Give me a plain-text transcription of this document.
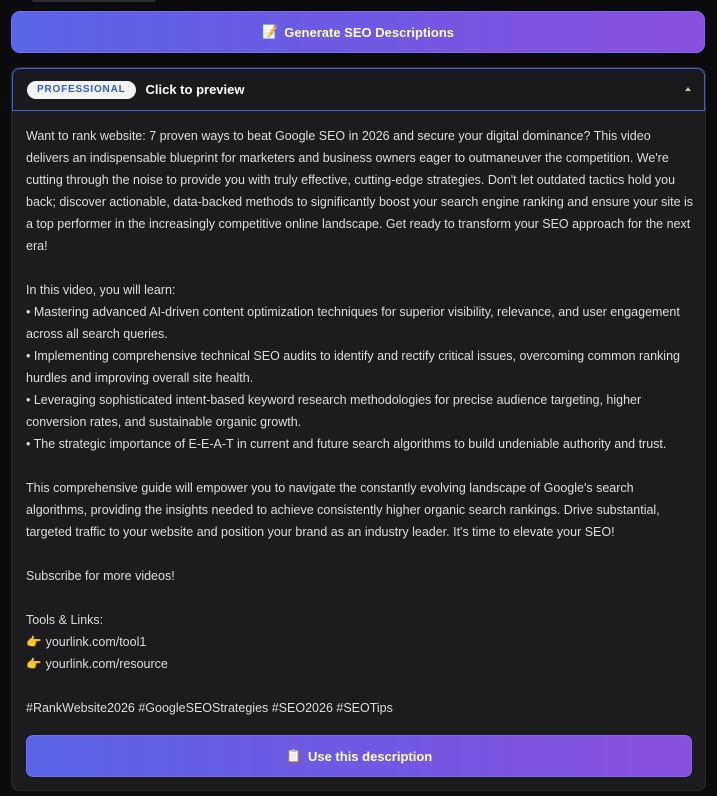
📝 Generate SEO Descriptions
PROFESSIONAL	Click to preview

Want to rank website: 7 proven ways to beat Google SEO in 2026 and secure your digital dominance? This video delivers an indispensable blueprint for marketers and business owners eager to outmaneuver the competition. We're cutting through the noise to provide you with truly effective, cutting-edge strategies. Don't let outdated tactics hold you back; discover actionable, data-backed methods to significantly boost your search engine ranking and ensure your site is a top performer in the increasingly competitive online landscape. Get ready to transform your SEO approach for the next era!

In this video, you will learn:

• Mastering advanced AI-driven content optimization techniques for superior visibility, relevance, and user engagement across all search queries.

• Implementing comprehensive technical SEO audits to identify and rectify critical issues, overcoming common ranking hurdles and improving overall site health.

• Leveraging sophisticated intent-based keyword research methodologies for precise audience targeting, higher conversion rates, and sustainable organic growth.

• The strategic importance of E-E-A-T in current and future search algorithms to build undeniable authority and trust.

This comprehensive guide will empower you to navigate the constantly evolving landscape of Google's search algorithms, providing the insights needed to achieve consistently higher organic search rankings. Drive substantial, targeted traffic to your website and position your brand as an industry leader. It's time to elevate your SEO!

Subscribe for more videos!

Tools & Links:

👉 yourlink.com/tool1

👉 yourlink.com/resource

#RankWebsite2026 #GoogleSEOStrategies #SEO2026 #SEOTips

📋 Use this description
